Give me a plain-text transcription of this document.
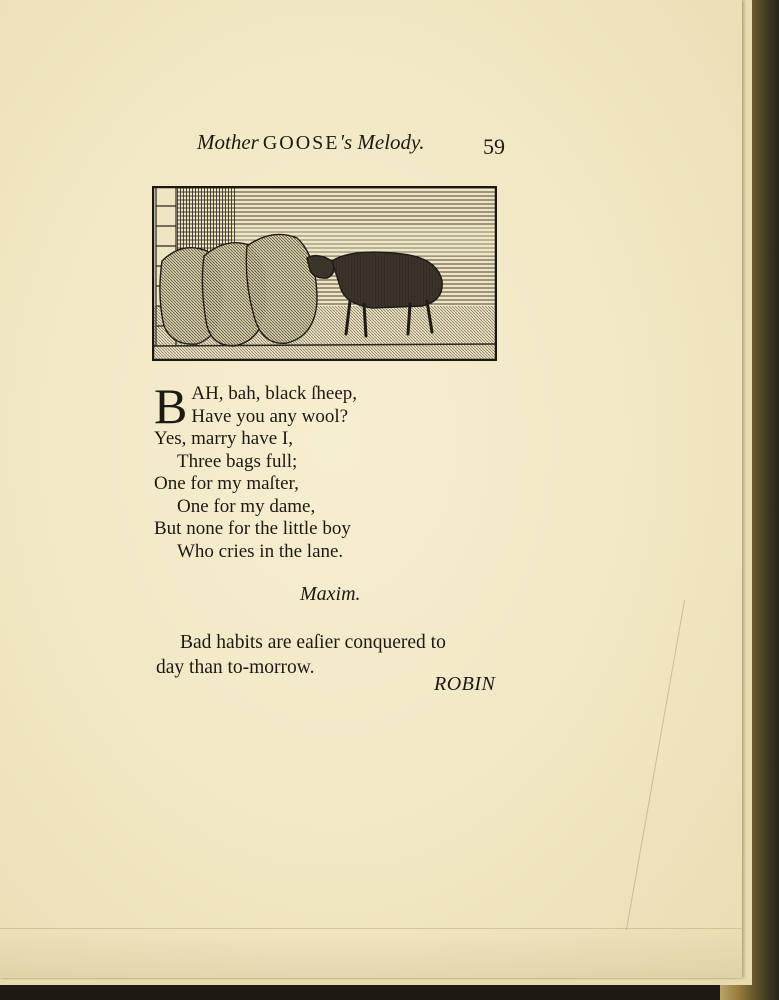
Mother GOOSE's Melody.	59
BAH, bah, black ſheep,
Have you any wool?
Yes, marry have I,
Three bags full;
One for my maſter,
One for my dame,
But none for the little boy
Who cries in the lane.
Maxim.
Bad habits are eaſier conquered to
day than to-morrow.
ROBIN
